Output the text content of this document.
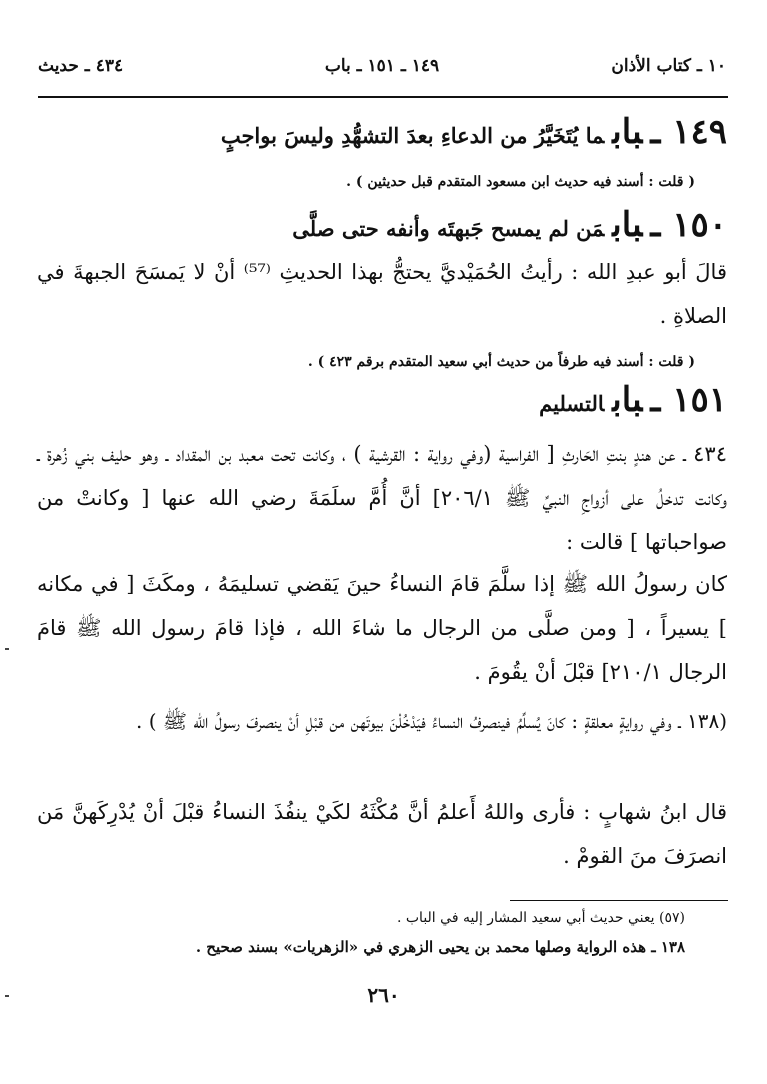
١٠ ـ كتاب الأذان
١٤٩ ـ ١٥١ ـ باب
٤٣٤ ـ حديث
١٤٩ ـبابما يُتَخَيَّرُ من الدعاءِ بعدَ التشهُّدِ وليسَ بواجبٍ
( قلت : أسند فيه حديث ابن مسعود المتقدم قبل حديثين ) .
١٥٠ ـبابمَن لم يمسح جَبهتَه وأنفه حتى صلَّى
قالَ أبو عبدِ الله : رأيتُ الحُمَيْديَّ يحتجُّ بهذا الحديثِ ⁽⁵⁷⁾ أنْ لا يَمسَحَ الجبهةَ في الصلاةِ .
( قلت : أسند فيه طرفاً من حديث أبي سعيد المتقدم برقم ٤٢٣ ) .
١٥١ ـبابالتسليم
٤٣٤ ـ عن هندٍ بنتِ الحَارثِ [ الفراسية (وفي رواية : القرشية ) ، وكانت تحت معبد بن المقداد ـ وهو حليف بني زُهرة ـ وكانت تدخلُ على أزواجِ النبيِّ ﷺ ٢٠٦/١] أنَّ أُمَّ سلَمَةَ رضي الله عنها [ وكانتْ من صواحباتها ] قالت :
كان رسولُ الله ﷺ إذا سلَّمَ قامَ النساءُ حينَ يَقضي تسليمَهُ ، ومكَثَ [ في مكانه ] يسيراً ، [ ومن صلَّى من الرجال ما شاءَ الله ، فإذا قامَ رسول الله ﷺ قامَ الرجال ٢١٠/١] قبْلَ أنْ يقُومَ .
(١٣٨ ـ وفي روايةٍ معلقةٍ : كانَ يُسلِّمُ فينصرفُ النساءُ فيَدْخُلْنَ بيوتَهن من قبْلِ أنْ ينصرفَ رسولُ الله ﷺ ) .
قال ابنُ شهابٍ : فأرى واللهُ أَعلمُ أنَّ مُكْثَهُ لكَيْ ينفُذَ النساءُ قبْلَ أنْ يُدْرِكَهنَّ مَن انصرَفَ منَ القومْ .
(٥٧) يعني حديث أبي سعيد المشار إليه في الباب .
١٣٨ ـ هذه الرواية وصلها محمد بن يحيى الزهري في «الزهريات» بسند صحيح .
٢٦٠
